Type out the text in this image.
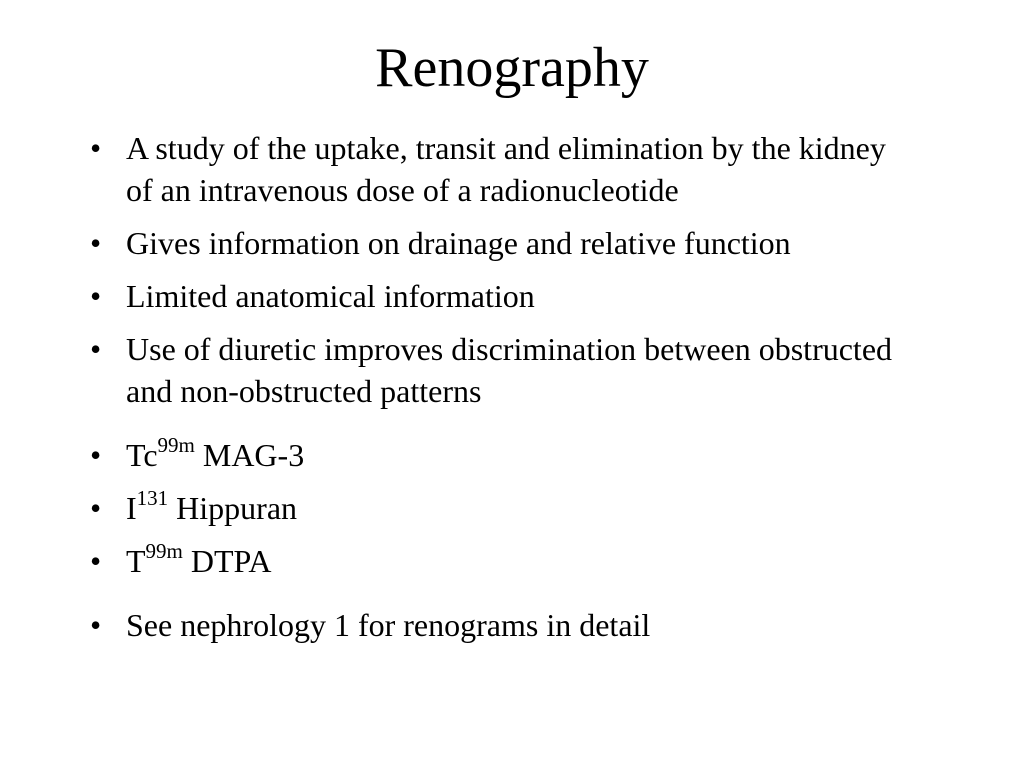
Renography
• A study of the uptake, transit and elimination by the kidney of an intravenous dose of a radionucleotide
• Gives information on drainage and relative function
• Limited anatomical information
• Use of diuretic improves discrimination between obstructed and non-obstructed patterns
• $Tc^{99m}$ MAG-3
• $I^{131}$ Hippuran
• $T^{99m}$ DTPA
• See nephrology 1 for renograms in detail
